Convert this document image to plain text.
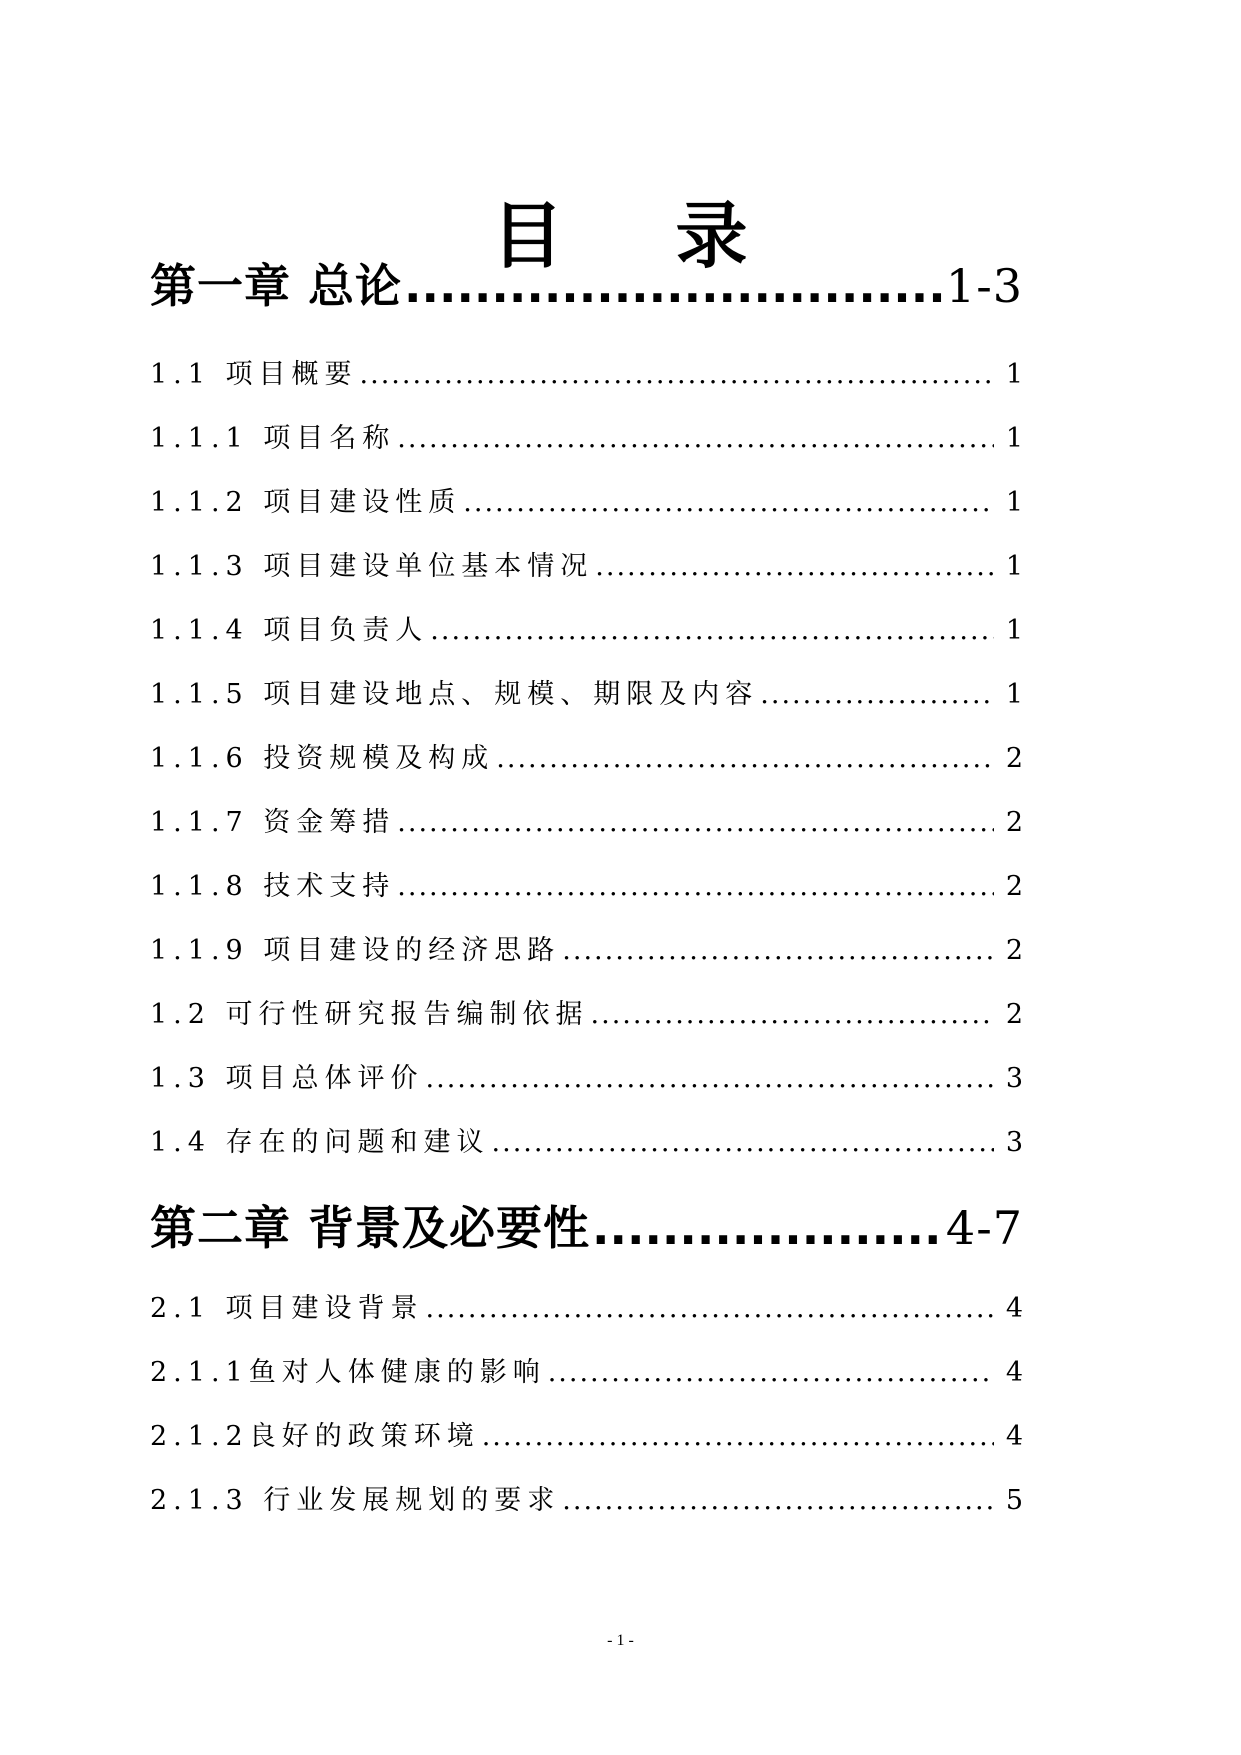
目 录
第一章 总论 .....	1-3
1.1 项目概要 .....	1
1.1.1 项目名称 .....	1
1.1.2 项目建设性质 .....	1
1.1.3 项目建设单位基本情况 .....	1
1.1.4 项目负责人 .....	1
1.1.5 项目建设地点、规模、期限及内容 .....	1
1.1.6 投资规模及构成 .....	2
1.1.7 资金筹措 .....	2
1.1.8 技术支持 .....	2
1.1.9 项目建设的经济思路 .....	2
1.2 可行性研究报告编制依据 .....	2
1.3 项目总体评价 .....	3
1.4 存在的问题和建议 .....	3
第二章 背景及必要性 .....	4-7
2.1 项目建设背景 .....	4
2.1.1鱼对人体健康的影响 .....	4
2.1.2良好的政策环境 .....	4
2.1.3 行业发展规划的要求 .....	5
- 1 -
